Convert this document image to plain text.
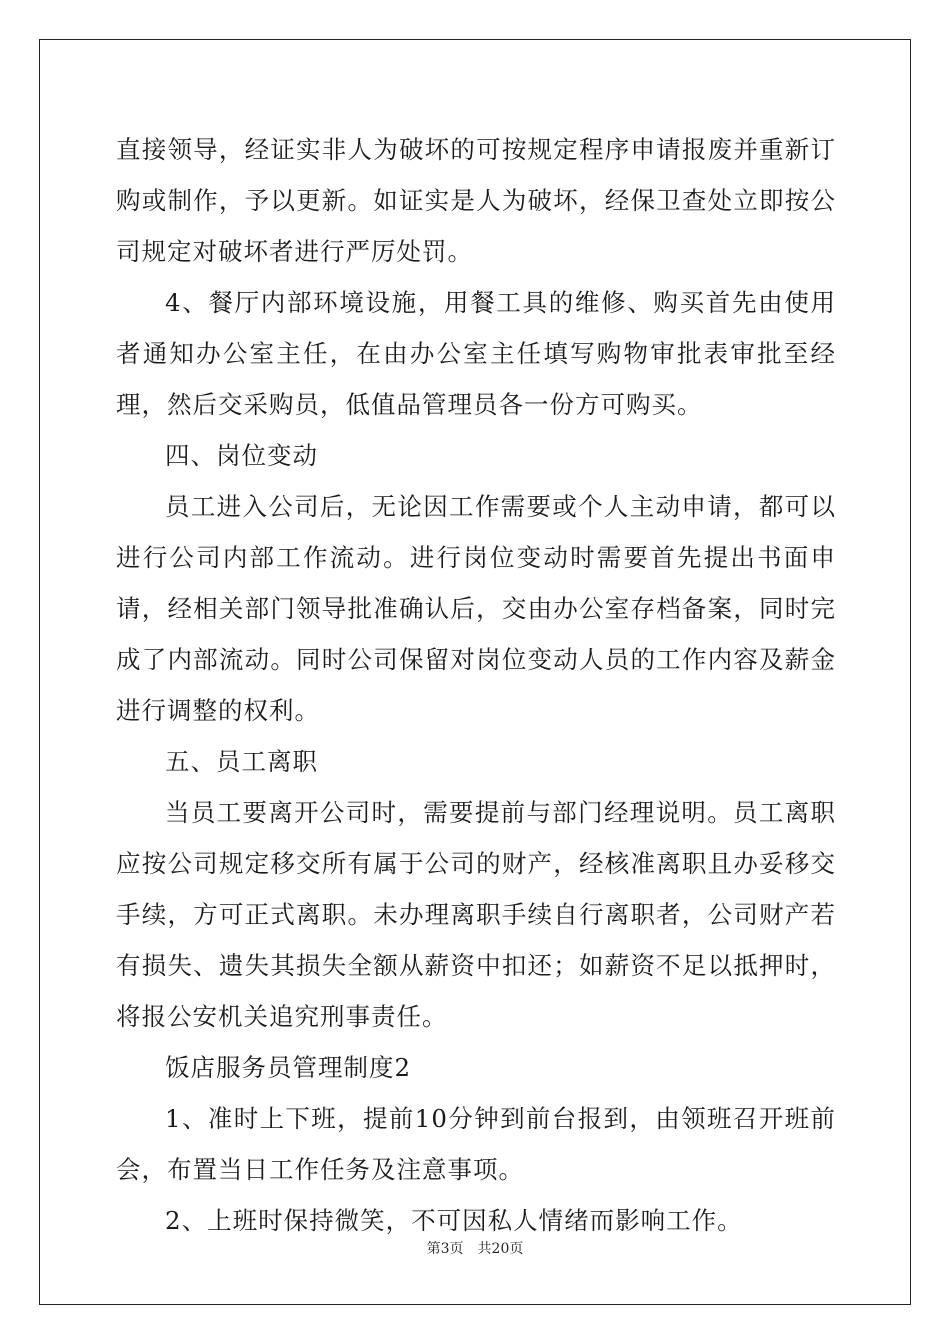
直接领导，经证实非人为破坏的可按规定程序申请报废并重新订购或制作，予以更新。如证实是人为破坏，经保卫查处立即按公司规定对破坏者进行严厉处罚。

4、餐厅内部环境设施，用餐工具的维修、购买首先由使用者通知办公室主任，在由办公室主任填写购物审批表审批至经理，然后交采购员，低值品管理员各一份方可购买。

四、岗位变动

员工进入公司后，无论因工作需要或个人主动申请，都可以进行公司内部工作流动。进行岗位变动时需要首先提出书面申请，经相关部门领导批准确认后，交由办公室存档备案，同时完成了内部流动。同时公司保留对岗位变动人员的工作内容及薪金进行调整的权利。

五、员工离职

当员工要离开公司时，需要提前与部门经理说明。员工离职应按公司规定移交所有属于公司的财产，经核准离职且办妥移交手续，方可正式离职。未办理离职手续自行离职者，公司财产若有损失、遗失其损失全额从薪资中扣还；如薪资不足以抵押时，将报公安机关追究刑事责任。

饭店服务员管理制度2

1、准时上下班，提前10分钟到前台报到，由领班召开班前会，布置当日工作任务及注意事项。

2、上班时保持微笑，不可因私人情绪而影响工作。

第3页 共20页
